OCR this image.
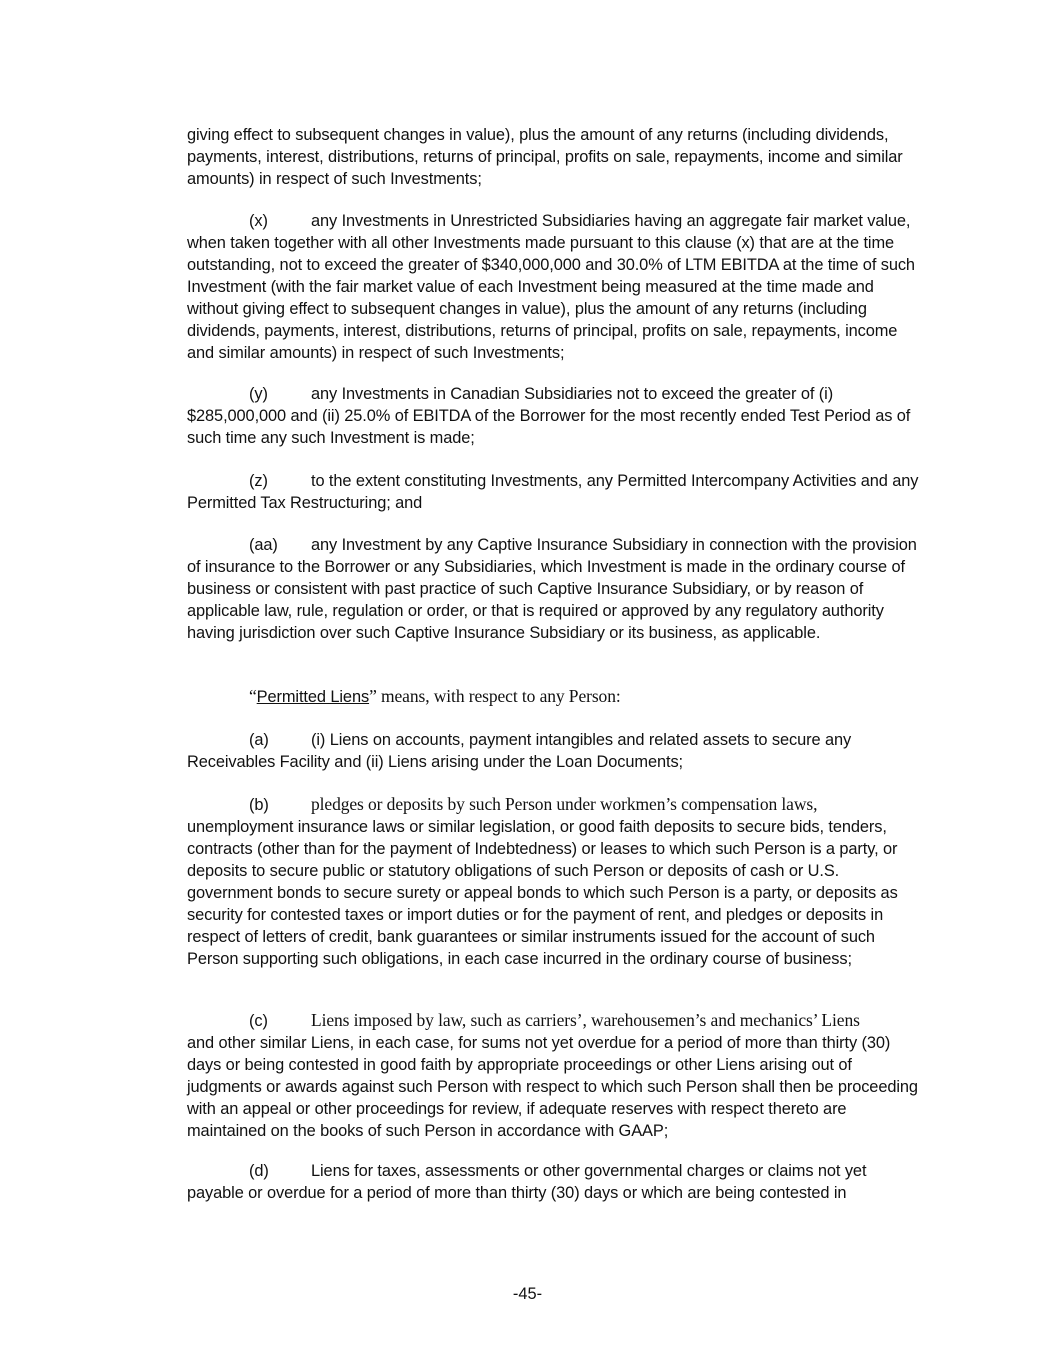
giving effect to subsequent changes in value), plus the amount of any returns (including dividends, payments, interest, distributions, returns of principal, profits on sale, repayments, income and similar amounts) in respect of such Investments;

(x)	any Investments in Unrestricted Subsidiaries having an aggregate fair market value, when taken together with all other Investments made pursuant to this clause (x) that are at the time outstanding, not to exceed the greater of $340,000,000 and 30.0% of LTM EBITDA at the time of such Investment (with the fair market value of each Investment being measured at the time made and without giving effect to subsequent changes in value), plus the amount of any returns (including dividends, payments, interest, distributions, returns of principal, profits on sale, repayments, income and similar amounts) in respect of such Investments;

(y)	any Investments in Canadian Subsidiaries not to exceed the greater of (i) $285,000,000 and (ii) 25.0% of EBITDA of the Borrower for the most recently ended Test Period as of such time any such Investment is made;

(z)	to the extent constituting Investments, any Permitted Intercompany Activities and any Permitted Tax Restructuring; and

(aa) any Investment by any Captive Insurance Subsidiary in connection with the provision of insurance to the Borrower or any Subsidiaries, which Investment is made in the ordinary course of business or consistent with past practice of such Captive Insurance Subsidiary, or by reason of applicable law, rule, regulation or order, or that is required or approved by any regulatory authority having jurisdiction over such Captive Insurance Subsidiary or its business, as applicable.

“Permitted Liens” means, with respect to any Person:

(a)	(i) Liens on accounts, payment intangibles and related assets to secure any Receivables Facility and (ii) Liens arising under the Loan Documents;

(b) pledges or deposits by such Person under workmen’s compensation laws,
unemployment insurance laws or similar legislation, or good faith deposits to secure bids, tenders, contracts (other than for the payment of Indebtedness) or leases to which such Person is a party, or deposits to secure public or statutory obligations of such Person or deposits of cash or U.S. government bonds to secure surety or appeal bonds to which such Person is a party, or deposits as security for contested taxes or import duties or for the payment of rent, and pledges or deposits in respect of letters of credit, bank guarantees or similar instruments issued for the account of such Person supporting such obligations, in each case incurred in the ordinary course of business;

(c) Liens imposed by law, such as carriers’, warehousemen’s and mechanics’ Liens
and other similar Liens, in each case, for sums not yet overdue for a period of more than thirty (30) days or being contested in good faith by appropriate proceedings or other Liens arising out of judgments or awards against such Person with respect to which such Person shall then be proceeding with an appeal or other proceedings for review, if adequate reserves with respect thereto are maintained on the books of such Person in accordance with GAAP;

(d)	Liens for taxes, assessments or other governmental charges or claims not yet payable or overdue for a period of more than thirty (30) days or which are being contested in

-45-
